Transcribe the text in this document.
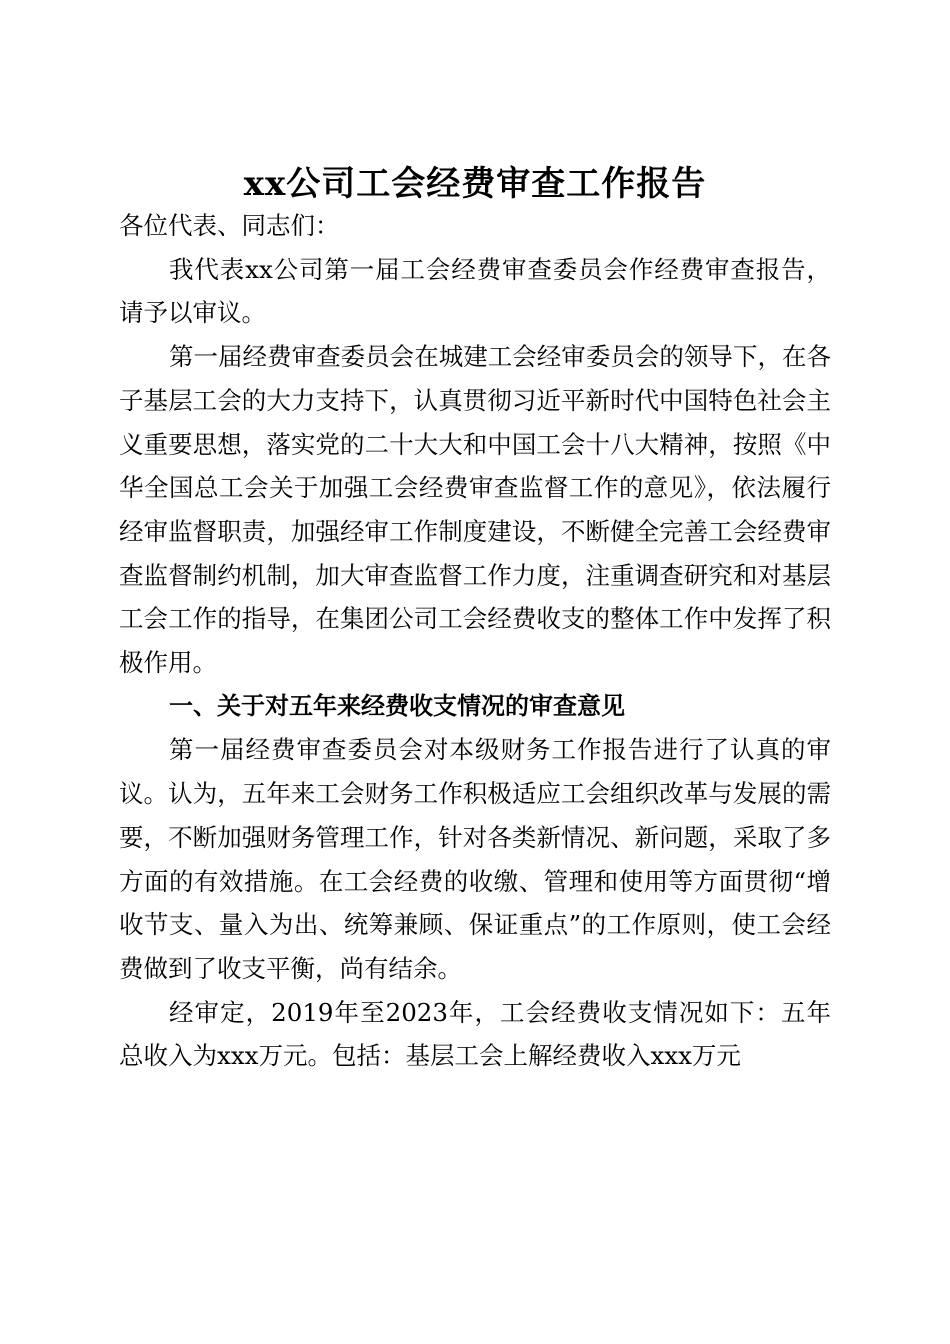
xx公司工会经费审查工作报告

各位代表、同志们：

我代表xx公司第一届工会经费审查委员会作经费审查报告，请予以审议。

第一届经费审查委员会在城建工会经审委员会的领导下，在各子基层工会的大力支持下，认真贯彻习近平新时代中国特色社会主义重要思想，落实党的二十大大和中国工会十八大精神，按照《中华全国总工会关于加强工会经费审查监督工作的意见》，依法履行经审监督职责，加强经审工作制度建设，不断健全完善工会经费审查监督制约机制，加大审查监督工作力度，注重调查研究和对基层工会工作的指导，在集团公司工会经费收支的整体工作中发挥了积极作用。

一、关于对五年来经费收支情况的审查意见

第一届经费审查委员会对本级财务工作报告进行了认真的审议。认为，五年来工会财务工作积极适应工会组织改革与发展的需要，不断加强财务管理工作，针对各类新情况、新问题，采取了多方面的有效措施。在工会经费的收缴、管理和使用等方面贯彻“增收节支、量入为出、统筹兼顾、保证重点”的工作原则，使工会经费做到了收支平衡，尚有结余。

经审定，2019年至2023年，工会经费收支情况如下：五年总收入为xxx万元。包括：基层工会上解经费收入xxx万元
